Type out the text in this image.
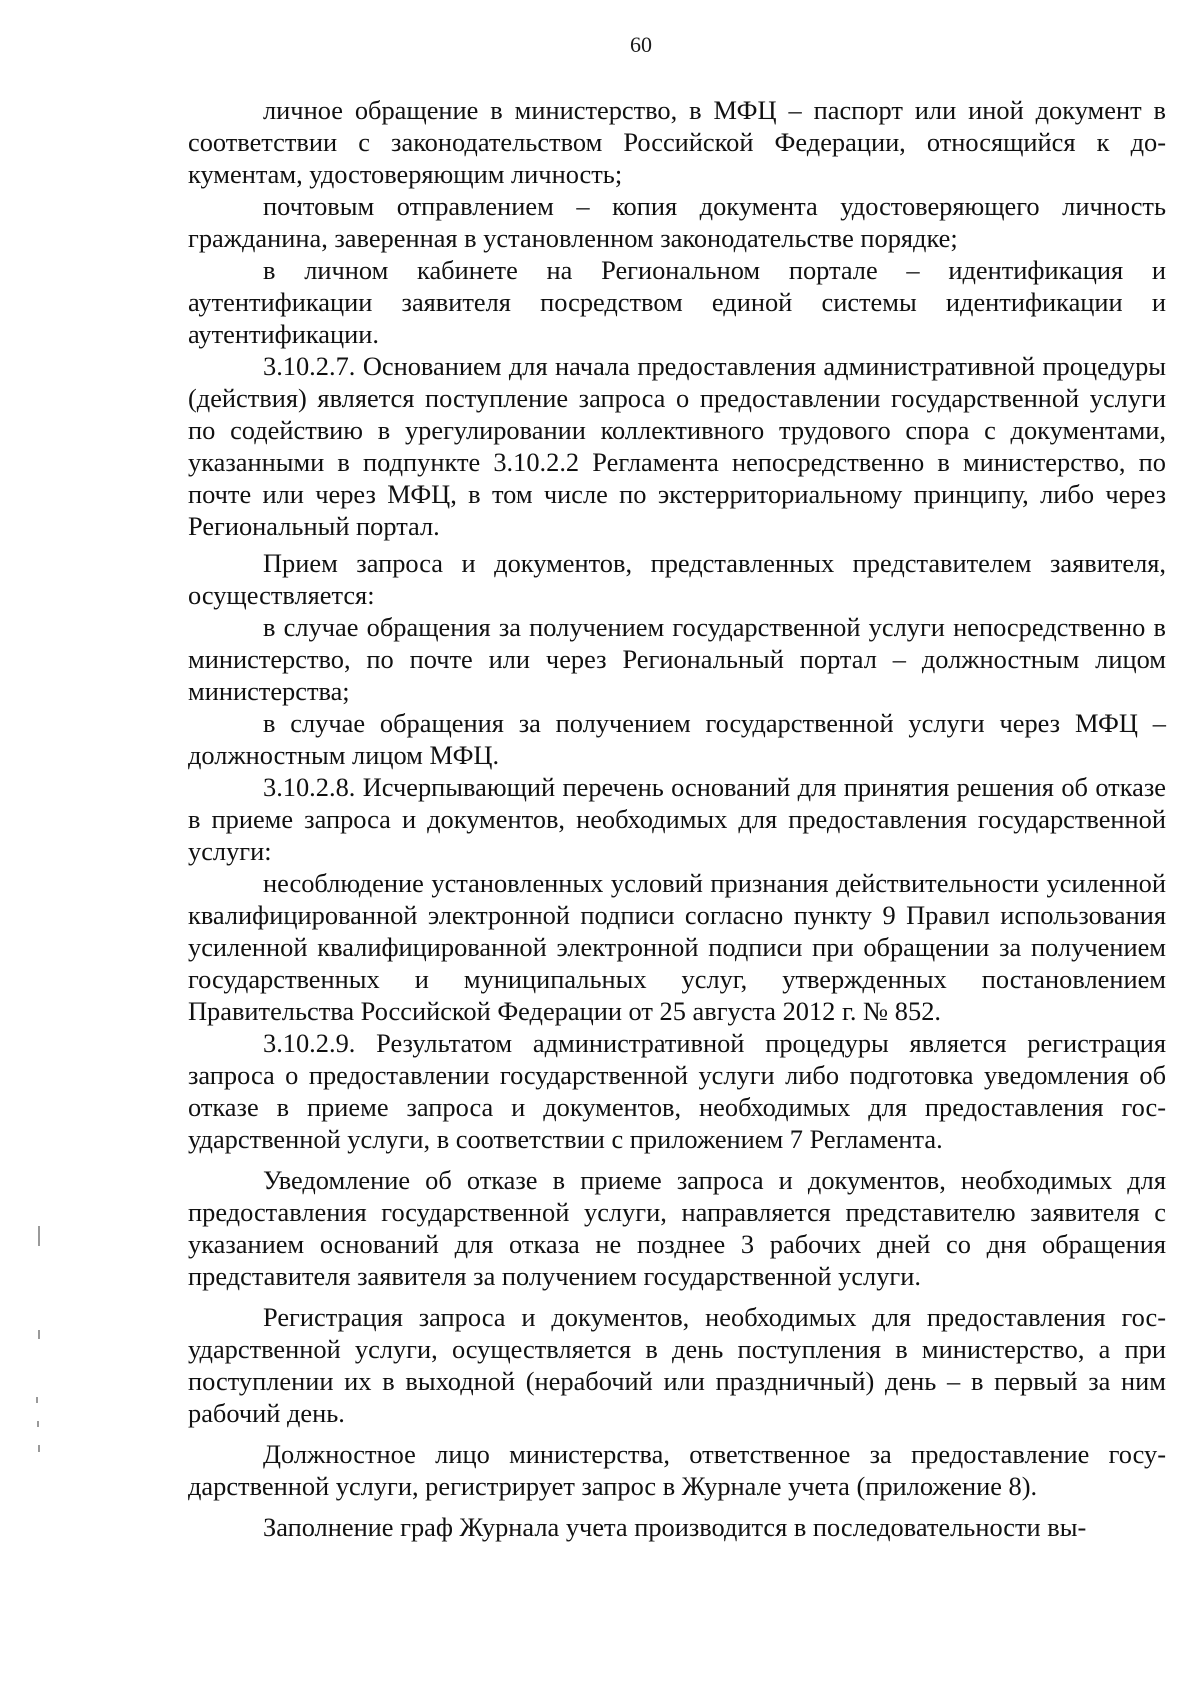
60

личное обращение в министерство, в МФЦ – паспорт или иной документ в соответствии с законодательством Российской Федерации, относящийся к документам, удостоверяющим личность;

почтовым отправлением – копия документа удостоверяющего личность гражданина, заверенная в установленном законодательстве порядке;

в личном кабинете на Региональном портале – идентификация и аутентификации заявителя посредством единой системы идентификации и аутентификации.

3.10.2.7. Основанием для начала предоставления административной процедуры (действия) является поступление запроса о предоставлении государственной услуги по содействию в урегулировании коллективного трудового спора с документами, указанными в подпункте 3.10.2.2 Регламента непосредственно в министерство, по почте или через МФЦ, в том числе по экстерриториальному принципу, либо через Региональный портал.

Прием запроса и документов, представленных представителем заявителя, осуществляется:

в случае обращения за получением государственной услуги непосредственно в министерство, по почте или через Региональный портал – должностным лицом министерства;

в случае обращения за получением государственной услуги через МФЦ – должностным лицом МФЦ.

3.10.2.8. Исчерпывающий перечень оснований для принятия решения об отказе в приеме запроса и документов, необходимых для предоставления государственной услуги:

несоблюдение установленных условий признания действительности усиленной квалифицированной электронной подписи согласно пункту 9 Правил использования усиленной квалифицированной электронной подписи при обращении за получением государственных и муниципальных услуг, утвержденных постановлением Правительства Российской Федерации от 25 августа 2012 г. № 852.

3.10.2.9. Результатом административной процедуры является регистрация запроса о предоставлении государственной услуги либо подготовка уведомления об отказе в приеме запроса и документов, необходимых для предоставления государственной услуги, в соответствии с приложением 7 Регламента.

Уведомление об отказе в приеме запроса и документов, необходимых для предоставления государственной услуги, направляется представителю заявителя с указанием оснований для отказа не позднее 3 рабочих дней со дня обращения представителя заявителя за получением государственной услуги.

Регистрация запроса и документов, необходимых для предоставления государственной услуги, осуществляется в день поступления в министерство, а при поступлении их в выходной (нерабочий или праздничный) день – в первый за ним рабочий день.

Должностное лицо министерства, ответственное за предоставление государственной услуги, регистрирует запрос в Журнале учета (приложение 8).

Заполнение граф Журнала учета производится в последовательности вы-
